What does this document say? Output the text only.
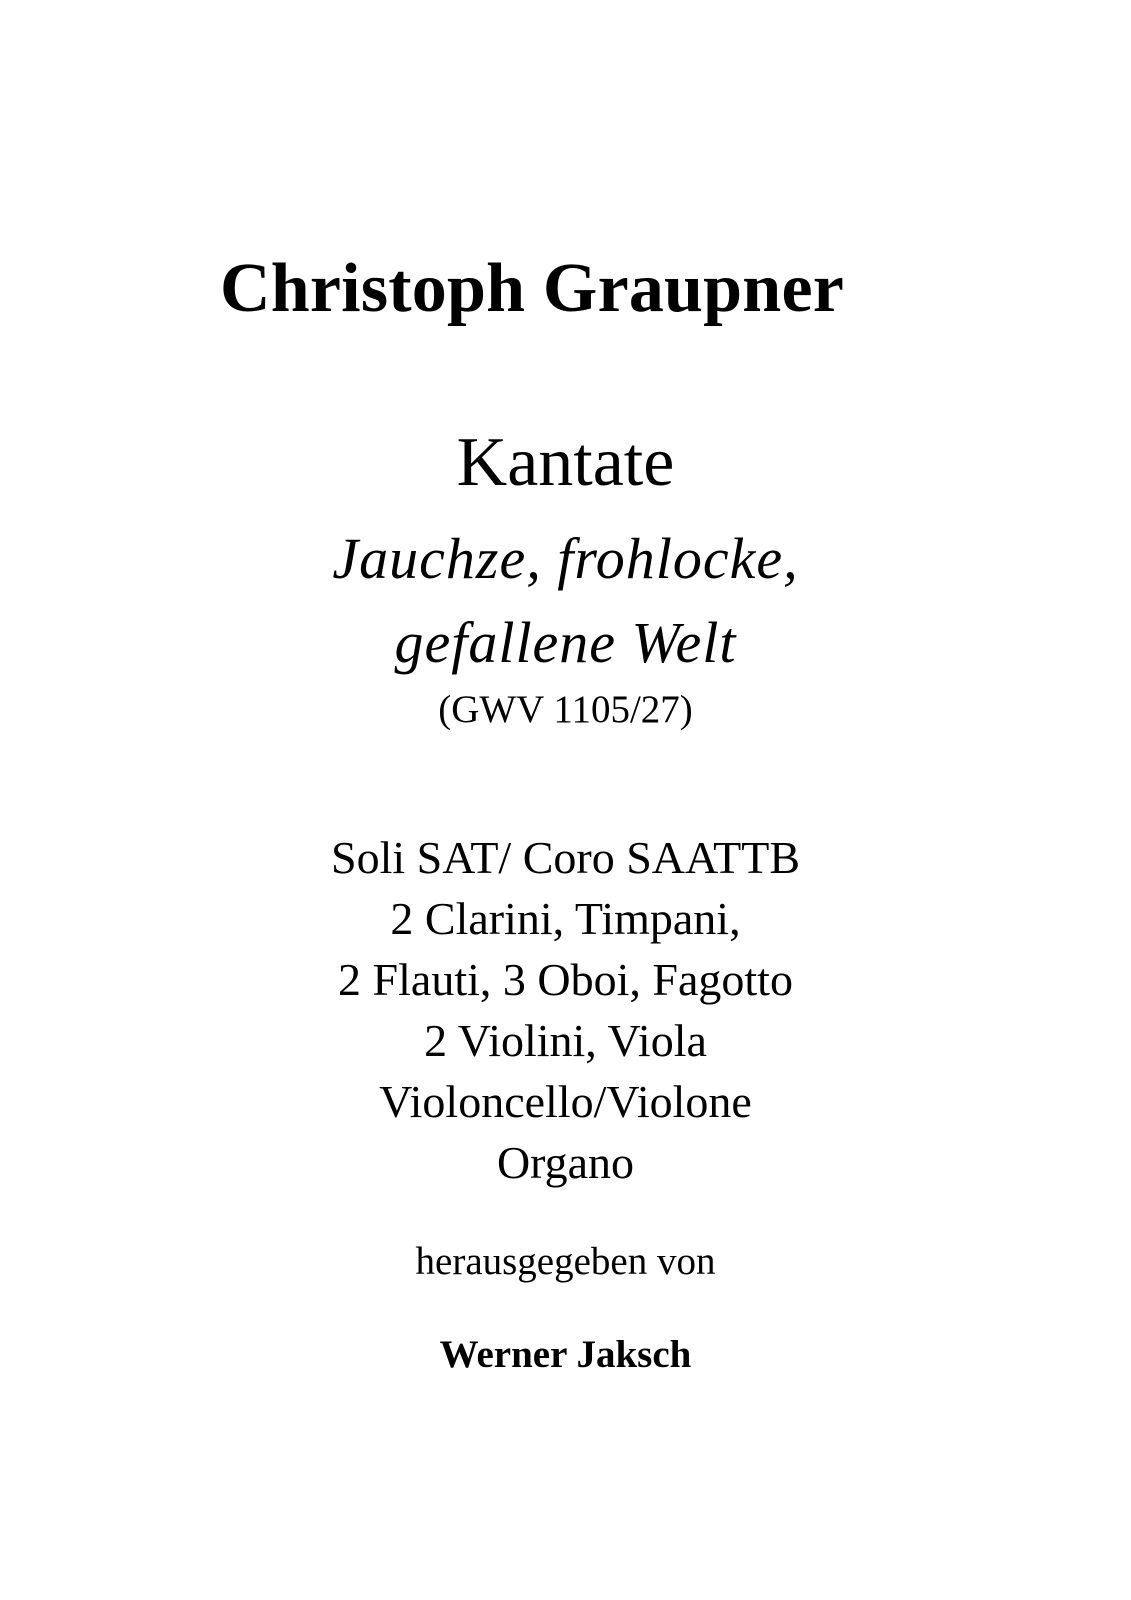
Christoph Graupner
Kantate
Jauchze, frohlocke,
gefallene Welt
(GWV 1105/27)
Soli SAT/ Coro SAATTB
2 Clarini, Timpani,
2 Flauti, 3 Oboi, Fagotto
2 Violini, Viola
Violoncello/Violone
Organo
herausgegeben von
Werner Jaksch
